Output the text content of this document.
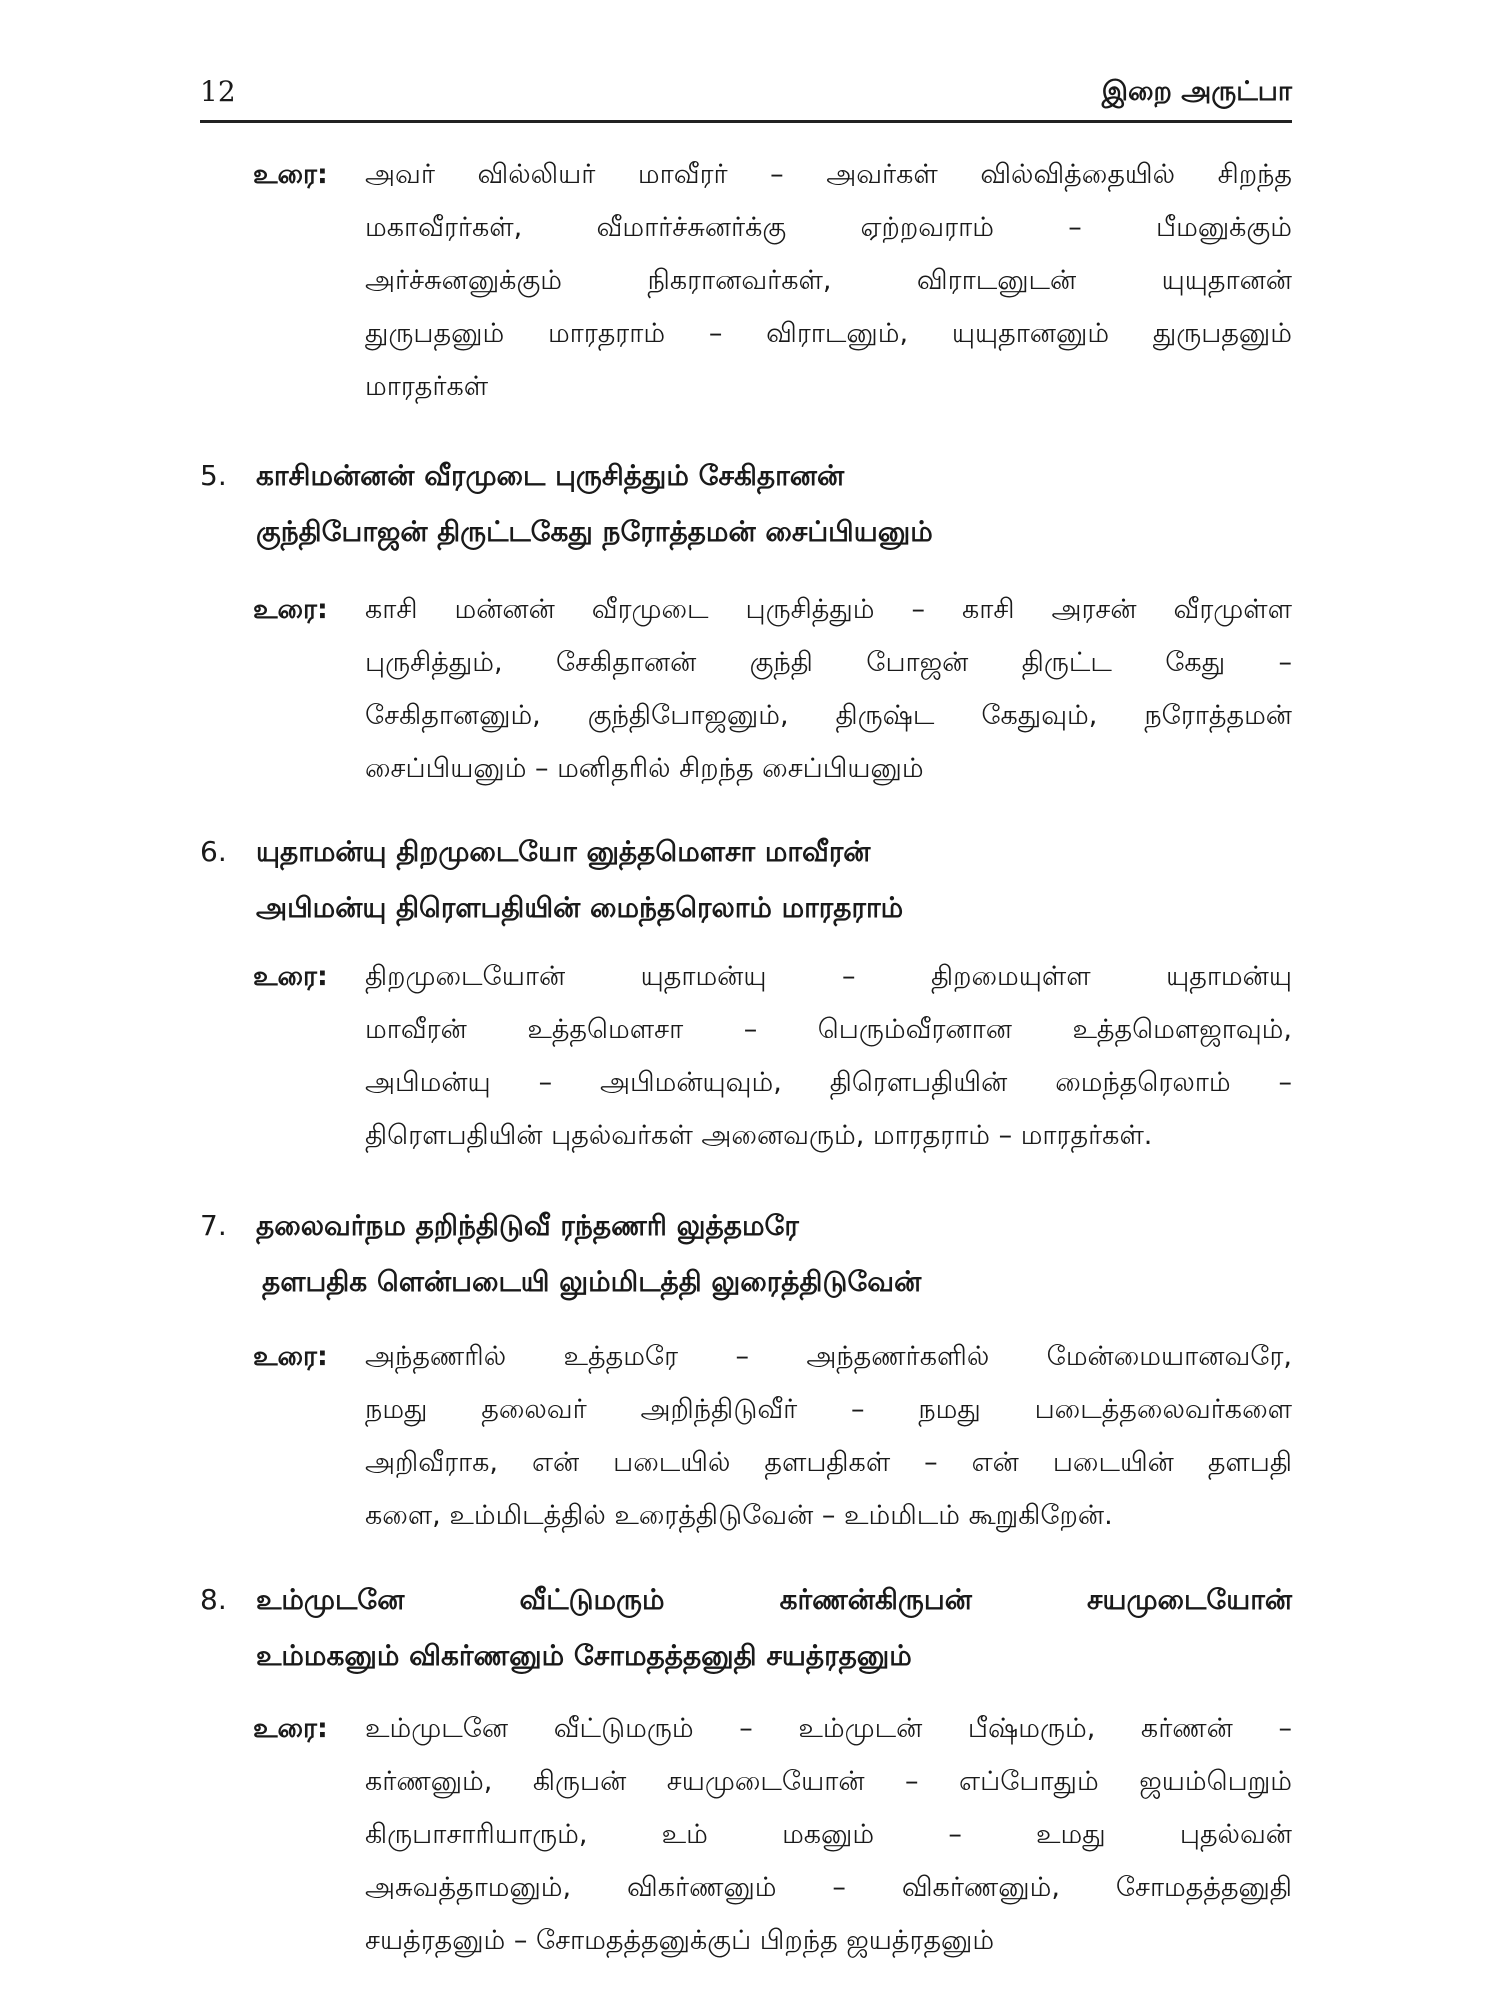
12	இறை அருட்பா
உரை:	அவர் வில்லியர் மாவீரர் – அவர்கள் வில்வித்தையில் சிறந்த
மகாவீரர்கள், வீமார்ச்சுனர்க்கு ஏற்றவராம் – பீமனுக்கும்
அர்ச்சுனனுக்கும் நிகரானவர்கள், விராடனுடன் யுயுதானன்
துருபதனும் மாரதராம் – விராடனும், யுயுதானனும் துருபதனும்
மாரதர்கள்
5.	காசிமன்னன் வீரமுடை புருசித்தும் சேகிதானன்
குந்திபோஜன் திருட்டகேது நரோத்தமன் சைப்பியனும்
உரை:	காசி மன்னன் வீரமுடை புருசித்தும் – காசி அரசன் வீரமுள்ள
புருசித்தும், சேகிதானன் குந்தி போஜன் திருட்ட கேது –
சேகிதானனும், குந்திபோஜனும், திருஷ்ட கேதுவும், நரோத்தமன்
சைப்பியனும் – மனிதரில் சிறந்த சைப்பியனும்
6.	யுதாமன்யு திறமுடையோ னுத்தமௌசா மாவீரன்
அபிமன்யு திரௌபதியின் மைந்தரெலாம் மாரதராம்
உரை:	திறமுடையோன் யுதாமன்யு – திறமையுள்ள யுதாமன்யு
மாவீரன் உத்தமௌசா – பெரும்வீரனான உத்தமௌஜாவும்,
அபிமன்யு – அபிமன்யுவும், திரௌபதியின் மைந்தரெலாம் –
திரௌபதியின் புதல்வர்கள் அனைவரும், மாரதராம் – மாரதர்கள்.
7.	தலைவர்நம தறிந்திடுவீ ரந்தணரி லுத்தமரே
தளபதிக ளென்படையி லும்மிடத்தி லுரைத்திடுவேன்
உரை:	அந்தணரில் உத்தமரே – அந்தணர்களில் மேன்மையானவரே,
நமது தலைவர் அறிந்திடுவீர் – நமது படைத்தலைவர்களை
அறிவீராக, என் படையில் தளபதிகள் – என் படையின் தளபதி
களை, உம்மிடத்தில் உரைத்திடுவேன் – உம்மிடம் கூறுகிறேன்.
8.	உம்முடனே வீட்டுமரும் கர்ணன்கிருபன் சயமுடையோன்
உம்மகனும் விகர்ணனும் சோமதத்தனுதி சயத்ரதனும்
உரை:	உம்முடனே வீட்டுமரும் – உம்முடன் பீஷ்மரும், கர்ணன் –
கர்ணனும், கிருபன் சயமுடையோன் – எப்போதும் ஜயம்பெறும்
கிருபாசாரியாரும், உம் மகனும் – உமது புதல்வன்
அசுவத்தாமனும், விகர்ணனும் – விகர்ணனும், சோமதத்தனுதி
சயத்ரதனும் – சோமதத்தனுக்குப் பிறந்த ஜயத்ரதனும்
